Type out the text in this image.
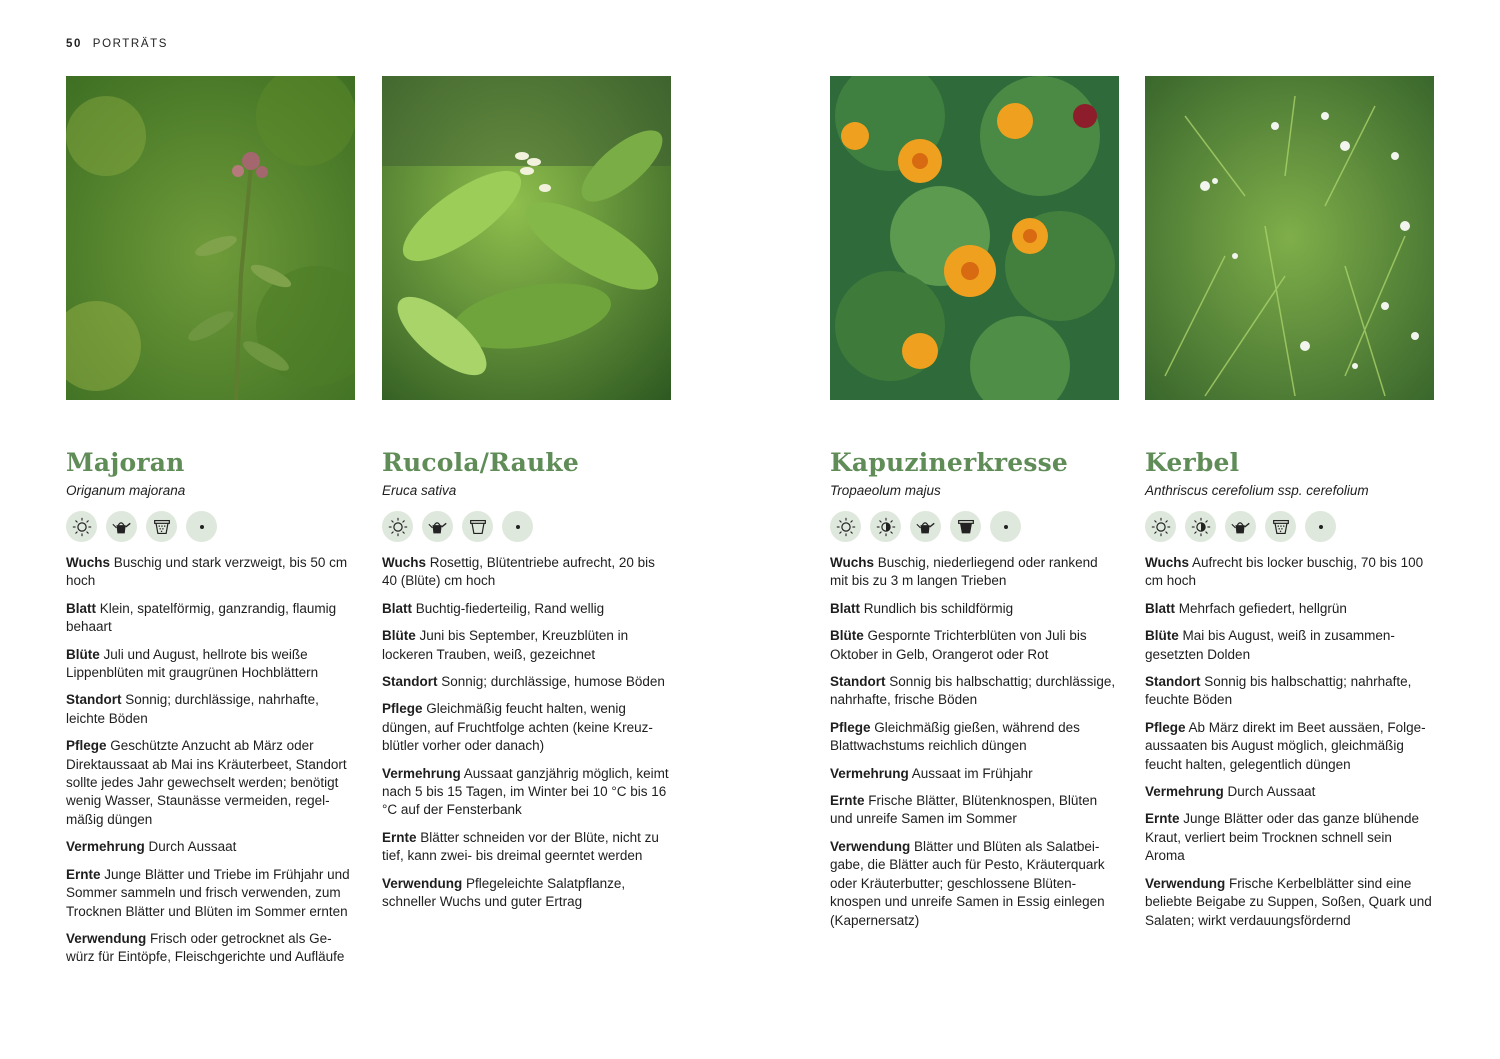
50 PORTRÄTS
Majoran
Origanum majorana
Wuchs Buschig und stark verzweigt, bis 50 cm hoch
Blatt Klein, spatelförmig, ganzrandig, flaumig behaart
Blüte Juli und August, hellrote bis weiße Lippenblüten mit graugrünen Hochblättern
Standort Sonnig; durchlässige, nahrhafte, leichte Böden
Pflege Geschützte Anzucht ab März oder Direktaussaat ab Mai ins Kräuterbeet, Standort sollte jedes Jahr gewechselt werden; benötigt wenig Wasser, Staunässe vermeiden, regelmäßig düngen
Vermehrung Durch Aussaat
Ernte Junge Blätter und Triebe im Frühjahr und Sommer sammeln und frisch verwenden, zum Trocknen Blätter und Blüten im Sommer ernten
Verwendung Frisch oder getrocknet als Gewürz für Eintöpfe, Fleischgerichte und Aufläufe
Rucola/Rauke
Eruca sativa
Wuchs Rosettig, Blütentriebe aufrecht, 20 bis 40 (Blüte) cm hoch
Blatt Buchtig-fiederteilig, Rand wellig
Blüte Juni bis September, Kreuzblüten in lockeren Trauben, weiß, gezeichnet
Standort Sonnig; durchlässige, humose Böden
Pflege Gleichmäßig feucht halten, wenig düngen, auf Fruchtfolge achten (keine Kreuzblütler vorher oder danach)
Vermehrung Aussaat ganzjährig möglich, keimt nach 5 bis 15 Tagen, im Winter bei 10 °C bis 16 °C auf der Fensterbank
Ernte Blätter schneiden vor der Blüte, nicht zu tief, kann zwei- bis dreimal geerntet werden
Verwendung Pflegeleichte Salatpflanze, schneller Wuchs und guter Ertrag
Kapuzinerkresse
Tropaeolum majus
Wuchs Buschig, niederliegend oder rankend mit bis zu 3 m langen Trieben
Blatt Rundlich bis schildförmig
Blüte Gespornte Trichterblüten von Juli bis Oktober in Gelb, Orangerot oder Rot
Standort Sonnig bis halbschattig; durchlässige, nahrhafte, frische Böden
Pflege Gleichmäßig gießen, während des Blattwachstums reichlich düngen
Vermehrung Aussaat im Frühjahr
Ernte Frische Blätter, Blütenknospen, Blüten und unreife Samen im Sommer
Verwendung Blätter und Blüten als Salatbeigabe, die Blätter auch für Pesto, Kräuterquark oder Kräuterbutter; geschlossene Blütenknospen und unreife Samen in Essig einlegen (Kapernersatz)
Kerbel
Anthriscus cerefolium ssp. cerefolium
Wuchs Aufrecht bis locker buschig, 70 bis 100 cm hoch
Blatt Mehrfach gefiedert, hellgrün
Blüte Mai bis August, weiß in zusammengesetzten Dolden
Standort Sonnig bis halbschattig; nahrhafte, feuchte Böden
Pflege Ab März direkt im Beet aussäen, Folgeaussaaten bis August möglich, gleichmäßig feucht halten, gelegentlich düngen
Vermehrung Durch Aussaat
Ernte Junge Blätter oder das ganze blühende Kraut, verliert beim Trocknen schnell sein Aroma
Verwendung Frische Kerbelblätter sind eine beliebte Beigabe zu Suppen, Soßen, Quark und Salaten; wirkt verdauungsfördernd
